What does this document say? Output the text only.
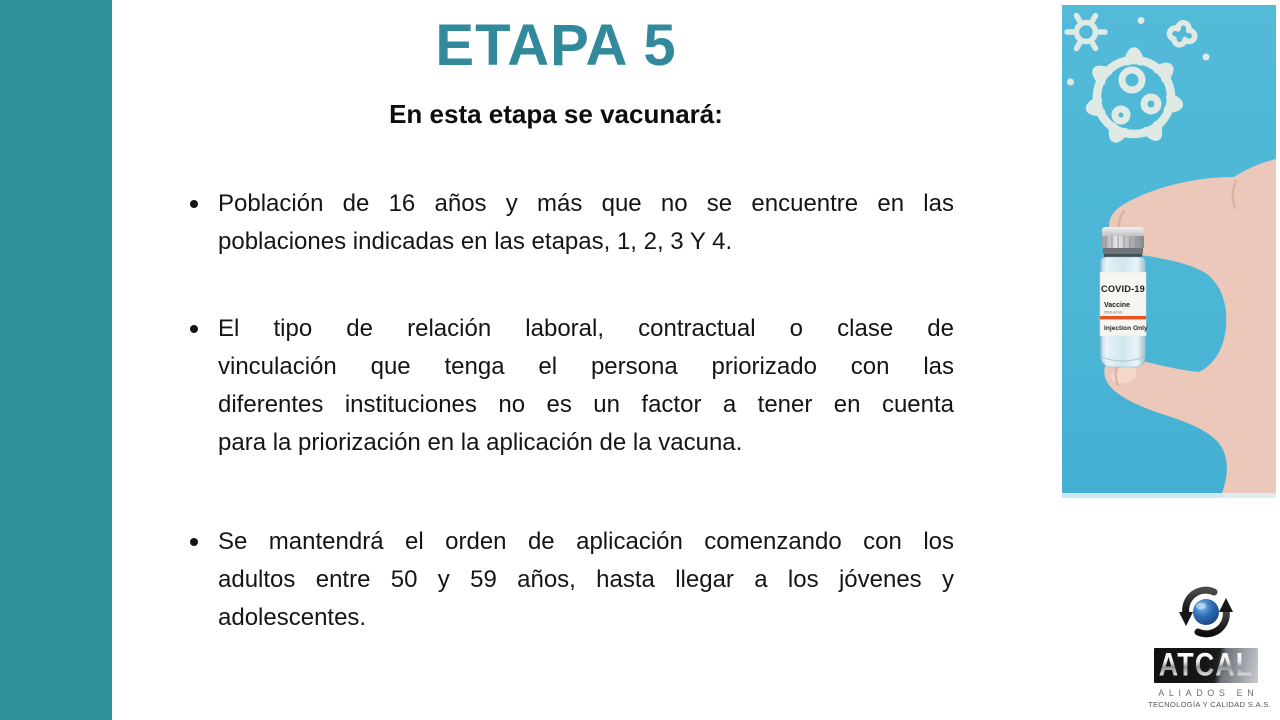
ETAPA 5
En esta etapa se vacunará:
Población de 16 años y más que no se encuentre en las
poblaciones indicadas en las etapas, 1, 2, 3 Y 4.
El tipo de relación laboral, contractual o clase de
vinculación que tenga el persona priorizado con las
diferentes instituciones no es un factor a tener en cuenta
para la priorización en la aplicación de la vacuna.
Se mantendrá el orden de aplicación comenzando con los
adultos entre 50 y 59 años, hasta llegar a los jóvenes y
adolescentes.
COVID-19
Vaccine
2019-nCoV
Injection Only
ATCAL
ALIADOS EN
TECNOLOGÍA Y CALIDAD S.A.S.
